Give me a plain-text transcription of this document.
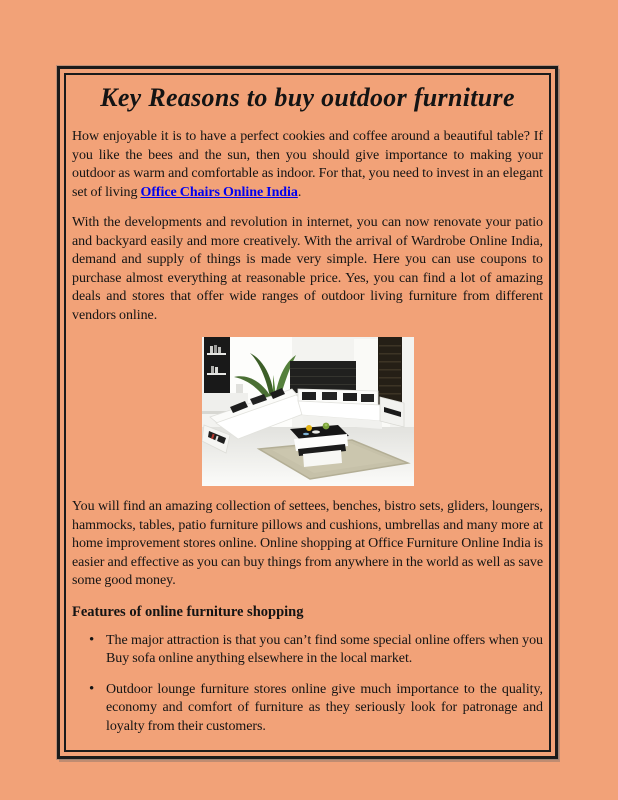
Key Reasons to buy outdoor furniture

How enjoyable it is to have a perfect cookies and coffee around a beautiful table? If you like the bees and the sun, then you should give importance to making your outdoor as warm and comfortable as indoor. For that, you need to invest in an elegant set of living Office Chairs Online India.

With the developments and revolution in internet, you can now renovate your patio and backyard easily and more creatively. With the arrival of Wardrobe Online India, demand and supply of things is made very simple. Here you can use coupons to purchase almost everything at reasonable price. Yes, you can find a lot of amazing deals and stores that offer wide ranges of outdoor living furniture from different vendors online.

You will find an amazing collection of settees, benches, bistro sets, gliders, loungers, hammocks, tables, patio furniture pillows and cushions, umbrellas and many more at home improvement stores online. Online shopping at Office Furniture Online India is easier and effective as you can buy things from anywhere in the world as well as save some good money.

Features of online furniture shopping
• The major attraction is that you can’t find some special online offers when you Buy sofa online anything elsewhere in the local market.
• Outdoor lounge furniture stores online give much importance to the quality, economy and comfort of furniture as they seriously look for patronage and loyalty from their customers.
